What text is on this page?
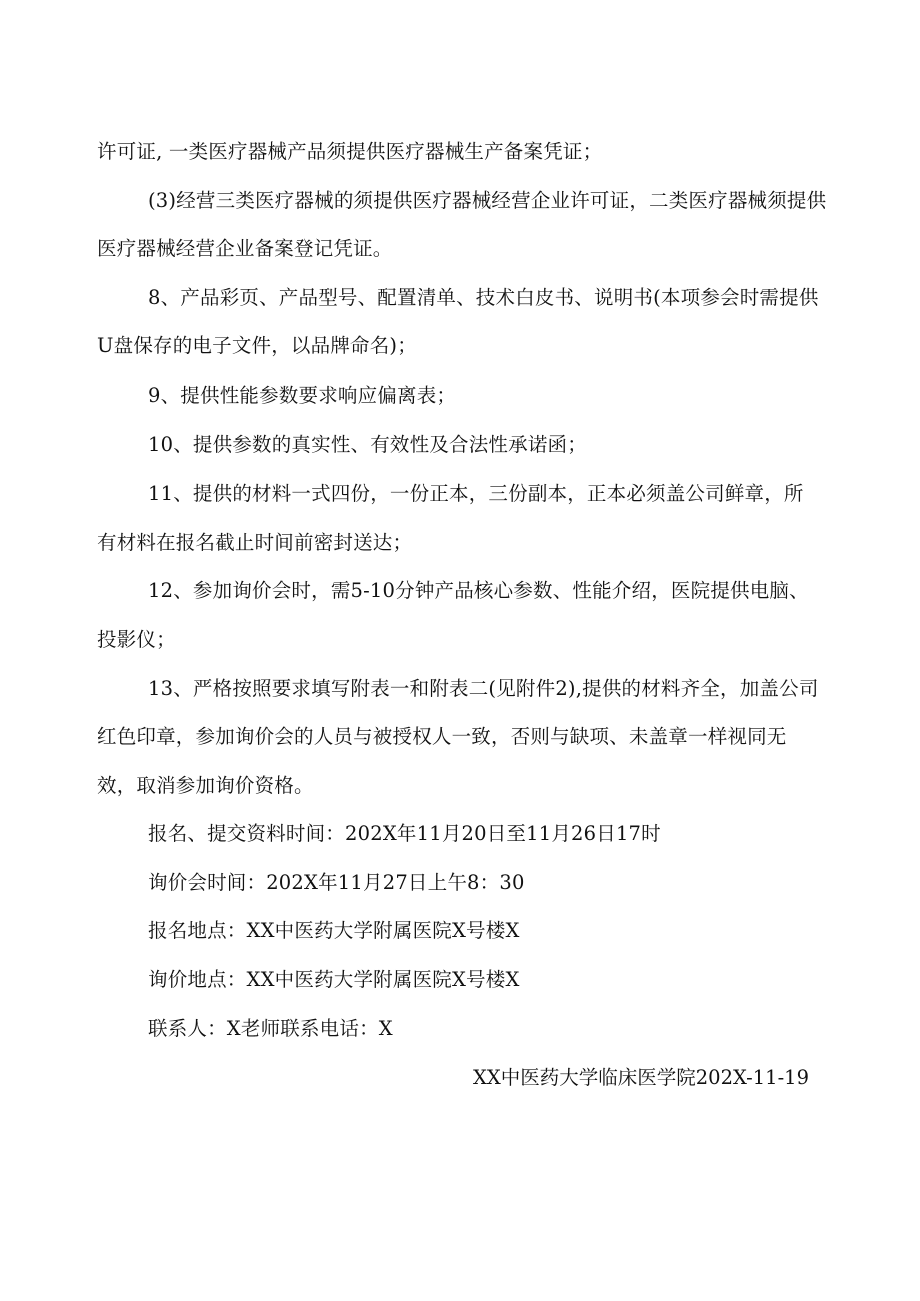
许可证, 一类医疗器械产品须提供医疗器械生产备案凭证；
(3)经营三类医疗器械的须提供医疗器械经营企业许可证，二类医疗器械须提供
医疗器械经营企业备案登记凭证。
8、产品彩页、产品型号、配置清单、技术白皮书、说明书(本项参会时需提供
U盘保存的电子文件，以品牌命名)；
9、提供性能参数要求响应偏离表；
10、提供参数的真实性、有效性及合法性承诺函；
11、提供的材料一式四份，一份正本，三份副本，正本必须盖公司鲜章，所
有材料在报名截止时间前密封送达；
12、参加询价会时，需5-10分钟产品核心参数、性能介绍，医院提供电脑、
投影仪；
13、严格按照要求填写附表一和附表二(见附件2),提供的材料齐全，加盖公司
红色印章，参加询价会的人员与被授权人一致，否则与缺项、未盖章一样视同无
效，取消参加询价资格。
报名、提交资料时间：202X年11月20日至11月26日17时
询价会时间：202X年11月27日上午8：30
报名地点：XX中医药大学附属医院X号楼X
询价地点：XX中医药大学附属医院X号楼X
联系人：X老师联系电话：X
XX中医药大学临床医学院202X-11-19
